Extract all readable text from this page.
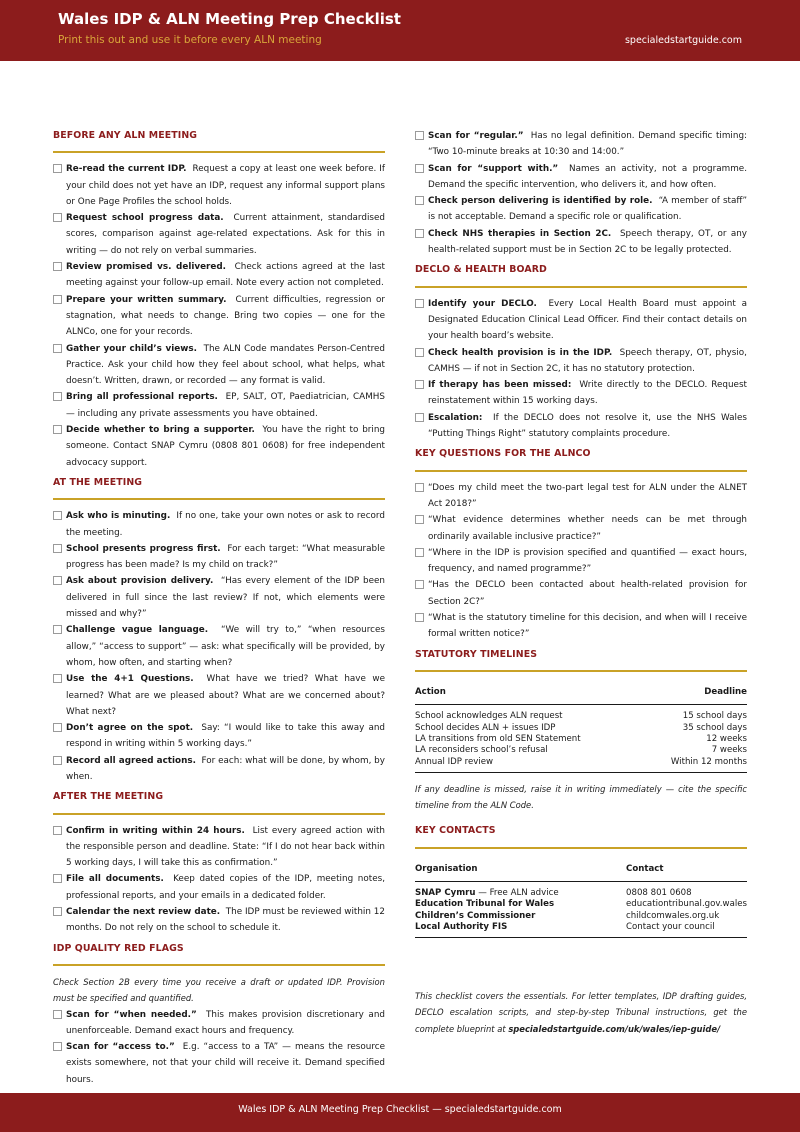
Wales IDP & ALN Meeting Prep Checklist
Print this out and use it before every ALN meeting	specialedstartguide.com
BEFORE ANY ALN MEETING
Re-read the current IDP.  Request a copy at least one week before. If your child does not yet have an IDP, request any informal support plans or One Page Profiles the school holds.
Request school progress data.  Current attainment, standardised scores, comparison against age-related expectations. Ask for this in writing — do not rely on verbal summaries.
Review promised vs. delivered.  Check actions agreed at the last meeting against your follow-up email. Note every action not completed.
Prepare your written summary.  Current difficulties, regression or stagnation, what needs to change. Bring two copies — one for the ALNCo, one for your records.
Gather your child’s views.  The ALN Code mandates Person-Centred Practice. Ask your child how they feel about school, what helps, what doesn’t. Written, drawn, or recorded — any format is valid.
Bring all professional reports.  EP, SALT, OT, Paediatrician, CAMHS — including any private assessments you have obtained.
Decide whether to bring a supporter.  You have the right to bring someone. Contact SNAP Cymru (0808 801 0608) for free independent advocacy support.
AT THE MEETING
Ask who is minuting.  If no one, take your own notes or ask to record the meeting.
School presents progress first.  For each target: “What measurable progress has been made? Is my child on track?”
Ask about provision delivery.  “Has every element of the IDP been delivered in full since the last review? If not, which elements were missed and why?”
Challenge vague language.  “We will try to,” “when resources allow,” “access to support” — ask: what specifically will be provided, by whom, how often, and starting when?
Use the 4+1 Questions.  What have we tried? What have we learned? What are we pleased about? What are we concerned about? What next?
Don’t agree on the spot.  Say: “I would like to take this away and respond in writing within 5 working days.”
Record all agreed actions.  For each: what will be done, by whom, by when.
AFTER THE MEETING
Confirm in writing within 24 hours.  List every agreed action with the responsible person and deadline. State: “If I do not hear back within 5 working days, I will take this as confirmation.”
File all documents.  Keep dated copies of the IDP, meeting notes, professional reports, and your emails in a dedicated folder.
Calendar the next review date.  The IDP must be reviewed within 12 months. Do not rely on the school to schedule it.
IDP QUALITY RED FLAGS
Check Section 2B every time you receive a draft or updated IDP. Provision must be specified and quantified.
Scan for “when needed.”  This makes provision discretionary and unenforceable. Demand exact hours and frequency.
Scan for “access to.”  E.g. “access to a TA” — means the resource exists somewhere, not that your child will receive it. Demand specified hours.
Scan for “regular.”  Has no legal definition. Demand specific timing: “Two 10-minute breaks at 10:30 and 14:00.”
Scan for “support with.”  Names an activity, not a programme. Demand the specific intervention, who delivers it, and how often.
Check person delivering is identified by role.  “A member of staff” is not acceptable. Demand a specific role or qualification.
Check NHS therapies in Section 2C.  Speech therapy, OT, or any health-related support must be in Section 2C to be legally protected.
DECLO & HEALTH BOARD
Identify your DECLO.  Every Local Health Board must appoint a Designated Education Clinical Lead Officer. Find their contact details on your health board’s website.
Check health provision is in the IDP.  Speech therapy, OT, physio, CAMHS — if not in Section 2C, it has no statutory protection.
If therapy has been missed:  Write directly to the DECLO. Request reinstatement within 15 working days.
Escalation:  If the DECLO does not resolve it, use the NHS Wales “Putting Things Right” statutory complaints procedure.
KEY QUESTIONS FOR THE ALNCO
“Does my child meet the two-part legal test for ALN under the ALNET Act 2018?”
“What evidence determines whether needs can be met through ordinarily available inclusive practice?”
“Where in the IDP is provision specified and quantified — exact hours, frequency, and named programme?”
“Has the DECLO been contacted about health-related provision for Section 2C?”
“What is the statutory timeline for this decision, and when will I receive formal written notice?”
STATUTORY TIMELINES
Action	Deadline
School acknowledges ALN request	15 school days
School decides ALN + issues IDP	35 school days
LA transitions from old SEN Statement	12 weeks
LA reconsiders school’s refusal	7 weeks
Annual IDP review	Within 12 months

If any deadline is missed, raise it in writing immediately — cite the specific timeline from the ALN Code.
KEY CONTACTS
Organisation	Contact
SNAP Cymru — Free ALN advice	0808 801 0608
Education Tribunal for Wales	educationtribunal.gov.wales
Children’s Commissioner	childcomwales.org.uk
Local Authority FIS	Contact your council

This checklist covers the essentials. For letter templates, IDP drafting guides, DECLO escalation scripts, and step-by-step Tribunal instructions, get the complete blueprint at specialedstartguide.com/uk/wales/iep-guide/
Wales IDP & ALN Meeting Prep Checklist — specialedstartguide.com
